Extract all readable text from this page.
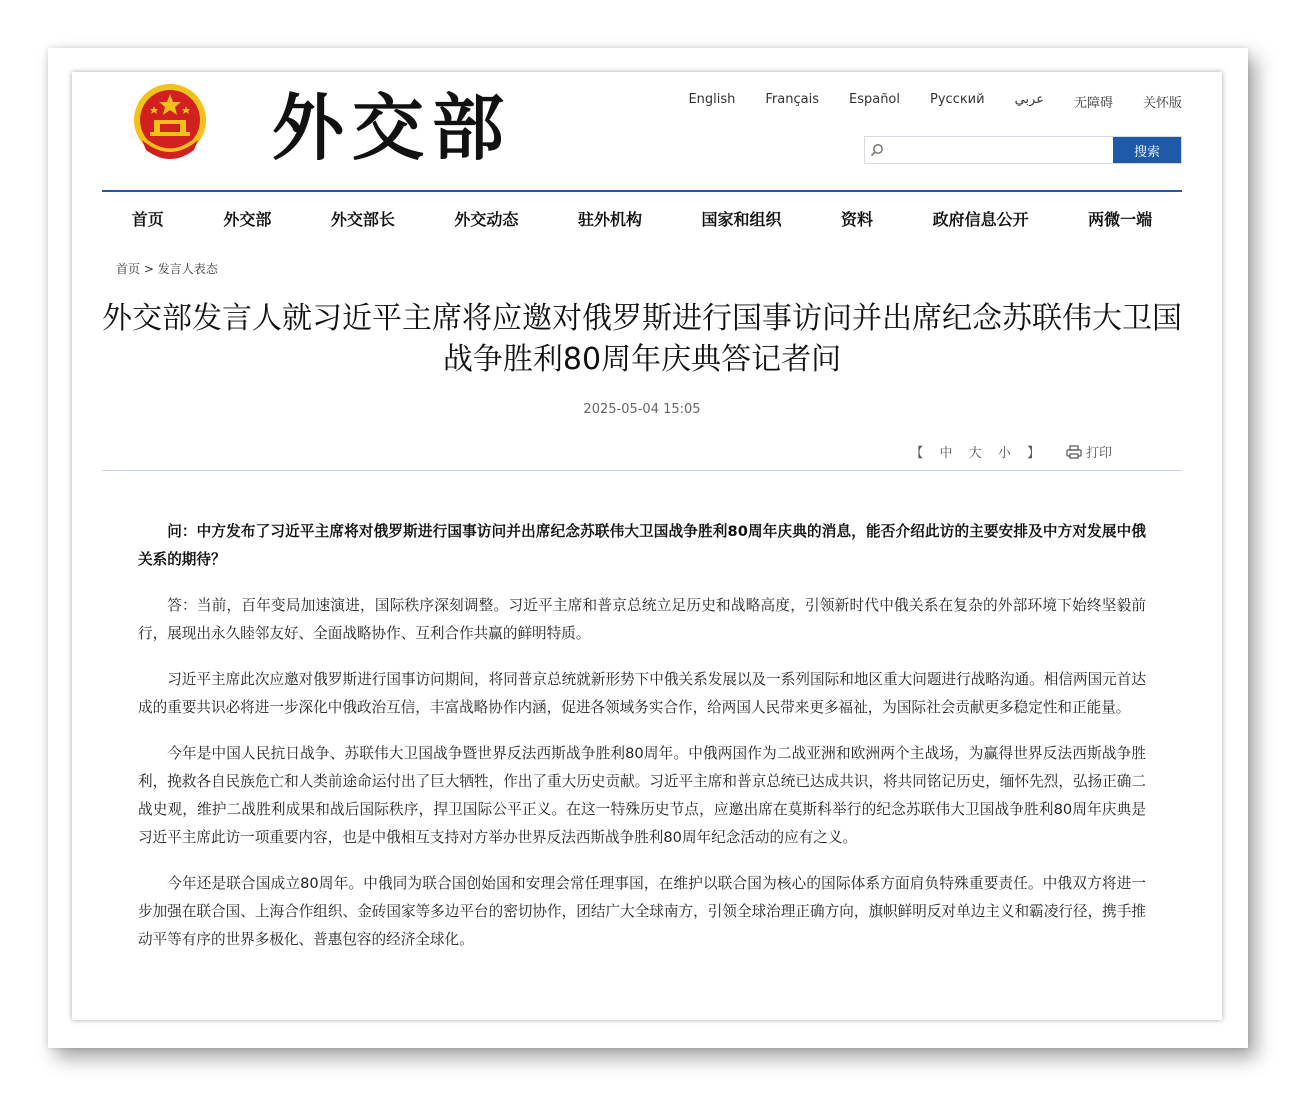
外交部	English Français Español Русский عربي 无障碍 关怀版
搜索
首页	外交部	外交部长	外交动态	驻外机构	国家和组织	资料	政府信息公开	两微一端
首页 > 发言人表态
外交部发言人就习近平主席将应邀对俄罗斯进行国事访问并出席纪念苏联伟大卫国战争胜利80周年庆典答记者问
2025-05-04 15:05
【 中 大 小 】	打印

问：中方发布了习近平主席将对俄罗斯进行国事访问并出席纪念苏联伟大卫国战争胜利80周年庆典的消息，能否介绍此访的主要安排及中方对发展中俄关系的期待？

答：当前，百年变局加速演进，国际秩序深刻调整。习近平主席和普京总统立足历史和战略高度，引领新时代中俄关系在复杂的外部环境下始终坚毅前行，展现出永久睦邻友好、全面战略协作、互利合作共赢的鲜明特质。

习近平主席此次应邀对俄罗斯进行国事访问期间，将同普京总统就新形势下中俄关系发展以及一系列国际和地区重大问题进行战略沟通。相信两国元首达成的重要共识必将进一步深化中俄政治互信，丰富战略协作内涵，促进各领域务实合作，给两国人民带来更多福祉，为国际社会贡献更多稳定性和正能量。

今年是中国人民抗日战争、苏联伟大卫国战争暨世界反法西斯战争胜利80周年。中俄两国作为二战亚洲和欧洲两个主战场，为赢得世界反法西斯战争胜利，挽救各自民族危亡和人类前途命运付出了巨大牺牲，作出了重大历史贡献。习近平主席和普京总统已达成共识，将共同铭记历史，缅怀先烈，弘扬正确二战史观，维护二战胜利成果和战后国际秩序，捍卫国际公平正义。在这一特殊历史节点，应邀出席在莫斯科举行的纪念苏联伟大卫国战争胜利80周年庆典是习近平主席此访一项重要内容，也是中俄相互支持对方举办世界反法西斯战争胜利80周年纪念活动的应有之义。

今年还是联合国成立80周年。中俄同为联合国创始国和安理会常任理事国，在维护以联合国为核心的国际体系方面肩负特殊重要责任。中俄双方将进一步加强在联合国、上海合作组织、金砖国家等多边平台的密切协作，团结广大全球南方，引领全球治理正确方向，旗帜鲜明反对单边主义和霸凌行径，携手推动平等有序的世界多极化、普惠包容的经济全球化。
